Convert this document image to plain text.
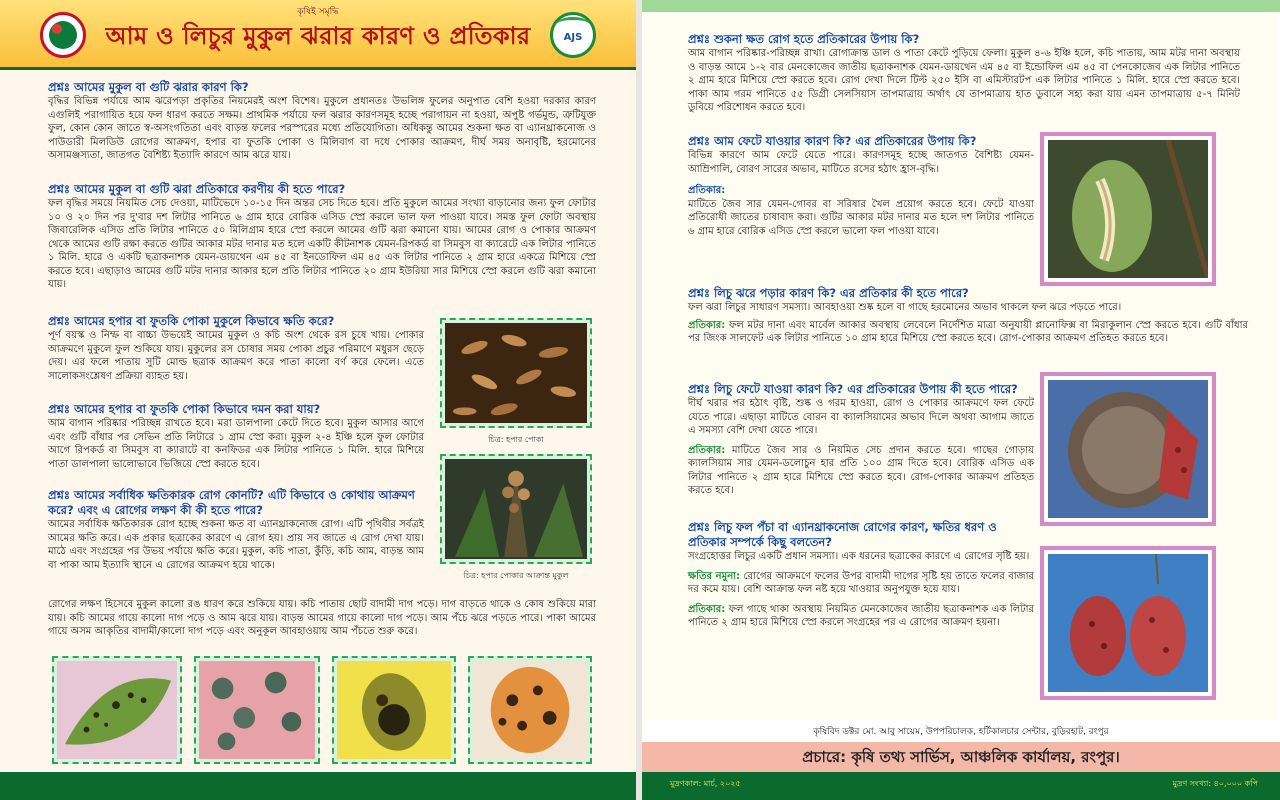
কৃষিই সমৃদ্ধি
আম ও লিচুর মুকুল ঝরার কারণ ও প্রতিকার	AJS
প্রশ্নঃ আমের মুকুল বা গুটি ঝরার কারণ কি?
বৃদ্ধির বিভিন্ন পর্যায়ে আম ঝরেপড়া প্রকৃতির নিয়মেরই অংশ বিশেষ। মুকুলে প্রধানতঃ উভলিঙ্গ ফুলের অনুপাত বেশি হওয়া দরকার কারণ এগুলিই পরাগায়িত হয়ে ফল ধারণ করতে সক্ষম। প্রাথমিক পর্যায়ে ফল ঝরার কারণসমূহ হচ্ছে পরাগায়ন না হওয়া, অপুষ্ট গর্ভমুন্ড, ত্রুটিযুক্ত ফুল, কোন কোন জাতে স্ব-অসংগতিতা এবং বাড়ন্ত ফলের পরস্পরের মধ্যে প্রতিযোগিতা। অধিকন্তু আমের শুকনা ক্ষত বা এ্যানথ্রাকনোজ ও পাউডারী মিলডিউ রোগের আক্রমণ, হপার বা ফুতকি পোকা ও মিলিবাগ বা দধে পোকার আক্রমণ, দীর্ঘ সময় অনাবৃষ্টি, হরমোনের অসামঞ্জস্যতা, জাতগত বৈশিষ্ট্য ইত্যাদি কারণে আম ঝরে যায়।
প্রশ্নঃ আমের মুকুল বা গুটি ঝরা প্রতিকারে করণীয় কী হতে পারে?
ফল বৃদ্ধির সময়ে নিয়মিত সেচ দেওয়া, মাটিভেদে ১০-১৫ দিন অন্তর সেচ দিতে হবে। প্রতি মুকুলে আমের সংখ্যা বাড়ানোর জন্য ফুল ফোটার ১০ ও ২০ দিন পর দু'বার দশ লিটার পানিতে ৬ গ্রাম হারে বোরিক এসিড স্প্রে করলে ভাল ফল পাওয়া যাবে। সমস্ত ফুল ফোটা অবস্থায় জিবারেলিক এসিড প্রতি লিটার পানিতে ৫০ মিলিগ্রাম হারে স্প্রে করলে আমের গুটি ঝরা কমানো যায়। আমের রোগ ও পোকার আক্রমণ থেকে আমের গুটি রক্ষা করতে গুটির আকার মটর দানার মত হলে একটি কীটনাশক যেমন-রিপকর্ড বা সিমবুস বা ক্যারেটে এক লিটার পানিতে ১ মিলি. হারে ও একটি ছত্রাকনাশক যেমন-ডায়থেন এম ৪৫ বা ইনডোফিল এম ৪৫ এক লিটার পানিতে ২ গ্রাম হারে একত্রে মিশিয়ে স্প্রে করতে হবে। এছাড়াও আমের গুটি মটর দানার আকার হলে প্রতি লিটার পানিতে ২০ গ্রাম ইউরিয়া সার মিশিয়ে স্প্রে করলে গুটি ঝরা কমানো যায়।
প্রশ্নঃ আমের হপার বা ফুতকি পোকা মুকুলে কিভাবে ক্ষতি করে?
পূর্ণ বয়স্ক ও নিম্ফ বা বাচ্চা উভয়েই আমের মুকুল ও কচি অংশ থেকে রস চুষে খায়। পোকার আক্রমণে মুকুলে ফুল শুকিয়ে যায়। মুকুলের রস চোষার সময় পোকা প্রচুর পরিমাণে মধুরস ছেড়ে দেয়। এর ফলে পাতায় সুটি মোল্ড ছত্রাক আক্রমণ করে পাতা কালো বর্ণ করে ফেলে। এতে সালোকসংশ্লেষণ প্রক্রিয়া ব্যাহত হয়।
প্রশ্নঃ আমের হপার বা ফুতকি পোকা কিভাবে দমন করা যায়?
আম বাগান পরিষ্কার পরিচ্ছন্ন রাখতে হবে। মরা ডালপালা কেটে দিতে হবে। মুকুল আসার আগে এবং গুটি বাঁধার পর সেভিন প্রতি লিটারে ১ গ্রাম স্প্রে করা। মুকুল ২-৪ ইঞ্চি হলে ফুল ফোটার আগে রিপকর্ড বা সিমবুস বা ক্যারাটে বা কনফিডর এক লিটার পানিতে ১ মিলি. হারে মিশিয়ে পাতা ডালপালা ভালোভাবে ভিজিয়ে স্প্রে করতে হবে।
প্রশ্নঃ আমের সর্বাধিক ক্ষতিকারক রোগ কোনটি? এটি কিভাবে ও কোথায় আক্রমণ করে? এবং এ রোগের লক্ষণ কী কী হতে পারে?
আমের সর্বাধিক ক্ষতিকারক রোগ হচ্ছে শুকনা ক্ষত বা এ্যানথ্রাকনোজ রোগ। এটি পৃথিবীর সর্বত্রই আমের ক্ষতি করে। এক প্রকার ছত্রাকের কারণে এ রোগ হয়। প্রায় সব জাতে এ রোগ দেখা যায়। মাঠে এবং সংগ্রহের পর উভয় পর্যায়ে ক্ষতি করে। মুকুল, কচি পাতা, কুঁড়ি, কচি আম, বাড়ন্ত আম বা পাকা আম ইত্যাদি স্থানে এ রোগের আক্রমণ হয়ে থাকে।
রোগের লক্ষণ হিসেবে মুকুল কালো রঙ ধারণ করে শুকিয়ে যায়। কচি পাতায় ছোট বাদামী দাগ পড়ে। দাগ বাড়তে থাকে ও কোষ শুকিয়ে মারা যায়। কচি আমের গায়ে কালো দাগ পড়ে ও আম ঝরে যায়। বাড়ন্ত আমের গায়ে কালো দাগ পড়ে। আম পঁচে ঝরে পড়তে পারে। পাকা আমের গায়ে অসম আকৃতির বাদামী/কালো দাগ পড়ে এবং অনুকূল আবহাওয়ায় আম পঁচতে শুরু করে।
চিত্র: হপার পোকা
চিত্র: হপার পোকার আক্রান্ত মুকুল
প্রশ্নঃ শুকনা ক্ষত রোগ হতে প্রতিকারের উপায় কি?
আম বাগান পরিষ্কার-পরিচ্ছন্ন রাখা। রোগাক্রান্ত ডাল ও পাতা কেটে পুড়িয়ে ফেলা। মুকুল ৪-৬ ইঞ্চি হলে, কচি পাতায়, আম মটর দানা অবস্থায় ও বাড়ন্ত আমে ১-২ বার মেনকোজেব জাতীয় ছত্রাকনাশক যেমন-ডায়থেন এম ৪৫ বা ইন্ডোফিল এম ৪৫ বা পেনকোজেব এক লিটার পানিতে ২ গ্রাম হারে মিশিয়ে স্প্রে করতে হবে। রোগ দেখা দিলে টিল্ট ২৫০ ইসি বা এমিস্টারটপ এক লিটার পানিতে ১ মিলি. হারে স্প্রে করতে হবে। পাকা আম গরম পানিতে ৫৫ ডিগ্রী সেলসিয়াস তাপমাত্রায় অর্থাৎ যে তাপমাত্রায় হাত ডুবালে সহ্য করা যায় এমন তাপমাত্রায় ৫-৭ মিনিট ডুবিয়ে পরিশোধন করতে হবে।
প্রশ্নঃ আম ফেটে যাওয়ার কারণ কি? এর প্রতিকারের উপায় কি?
বিভিন্ন কারণে আম ফেটে যেতে পারে। কারণসমূহ হচ্ছে জাতগত বৈশিষ্ট্য যেমন-আম্রিপালি, বোরণ সারের অভাব, মাটিতে রসের হঠাৎ হ্রাস-বৃদ্ধি।
প্রতিকার:
মাটিতে জৈব সার যেমন-গোবর বা সরিষার খৈল প্রয়োগ করতে হবে। ফেটে যাওয়া প্রতিরোধী জাতের চাষাবাদ করা। গুটির আকার মটর দানার মত হলে দশ লিটার পানিতে ৬ গ্রাম হারে বোরিক এসিড স্প্রে করলে ভালো ফল পাওয়া যাবে।
প্রশ্নঃ লিচু ঝরে পড়ার কারণ কি? এর প্রতিকার কী হতে পারে?
ফল ঝরা লিচুর সাধারণ সমস্যা। আবহাওয়া শুষ্ক হলে বা গাছে হরমোনের অভাব থাকলে ফল ঝরে পড়তে পারে।
প্রতিকার: ফল মটর দানা এবং মার্বেল আকার অবস্থায় লেবেলে নির্দেশিত মাত্রা অনুযায়ী প্লানোফিক্স বা মিরাকুলান স্প্রে করতে হবে। গুটি বাঁধার পর জিংক সালফেট এক লিটার পানিতে ১০ গ্রাম হারে মিশিয়ে স্প্রে করতে হবে। রোগ-পোকার আক্রমণ প্রতিহত করতে হবে।
প্রশ্নঃ লিচু ফেটে যাওয়া কারণ কি? এর প্রতিকারের উপায় কী হতে পারে?
দীর্ঘ খরার পর হঠাৎ বৃষ্টি, শুষ্ক ও গরম হাওয়া, রোগ ও পোকার আক্রমণে ফল ফেটে যেতে পারে। এছাড়া মাটিতে বোরন বা ক্যালসিয়ামের অভাব দিলে অথবা আগাম জাতে এ সমস্যা বেশি দেখা যেতে পারে।
প্রতিকার: মাটিতে জৈব সার ও নিয়মিত সেচ প্রদান করতে হবে। গাছের গোড়ায় ক্যালসিয়াম সার যেমন-ডলোচুন হার প্রতি ১০০ গ্রাম দিতে হবে। বোরিক এসিড এক লিটার পানিতে ২ গ্রাম হারে মিশিয়ে স্প্রে করতে হবে। রোগ-পোকার আক্রমণ প্রতিহত করতে হবে।
প্রশ্নঃ লিচু ফল পঁচা বা এ্যানথ্রাকনোজ রোগের কারণ, ক্ষতির ধরণ ও প্রতিকার সম্পর্কে কিছু বলতেন?
সংগ্রহোত্তর লিচুর একটি প্রধান সমস্যা। এক ধরনের ছত্রাকের কারণে এ রোগের সৃষ্টি হয়।
ক্ষতির নমুনা: রোগের আক্রমণে ফলের উপর বাদামী দাগের সৃষ্টি হয় তাতে ফলের বাজার দর কমে যায়। বেশি আক্রান্ত ফল নষ্ট হয়ে খাওয়ার অনুপযুক্ত হয়ে যায়।
প্রতিকার: ফল গাছে থাকা অবস্থায় নিয়মিত মেনকোজেব জাতীয় ছত্রাকনাশক এক লিটার পানিতে ২ গ্রাম হারে মিশিয়ে স্প্রে করলে সংগ্রহের পর এ রোগের আক্রমণ হয়না।
কৃষিবিদ ডক্টর মো. আবু সায়েম, উপপরিচালক, হর্টিকালচার সেন্টার, বুড়িরহাট, রংপুর
প্রচারে: কৃষি তথ্য সার্ভিস, আঞ্চলিক কার্যালয়, রংপুর।
মুদ্রণকাল: মার্চ, ২০২৫	মুদ্রণ সংখ্যা: ৪০,০০০ কপি
